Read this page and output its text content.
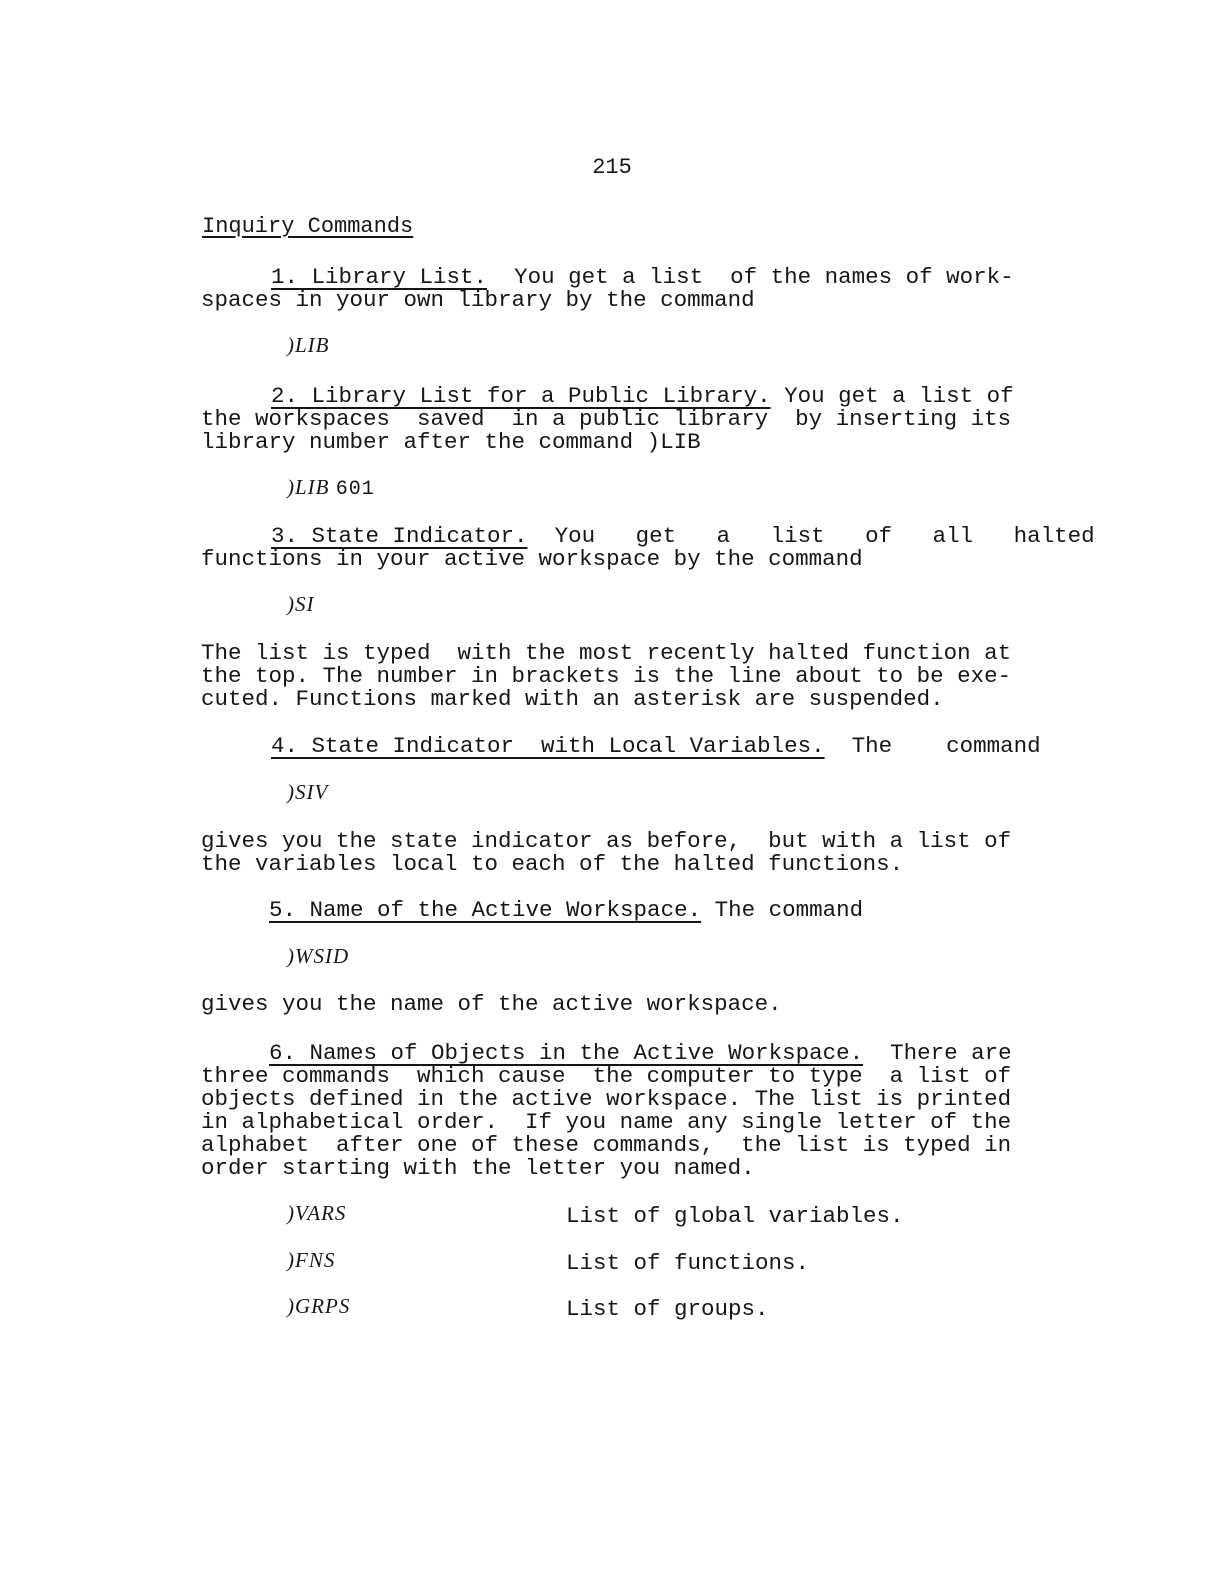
215
Inquiry Commands

1. Library List. You get a list  of the names of work-
spaces in your own library by the command

)LIB

2. Library List for a Public Library. You get a list of
the workspaces  saved  in a public library  by inserting its
library number after the command )LIB

)LIB 601

3. State Indicator. You   get   a   list   of   all   halted
functions in your active workspace by the command

)SI

The list is typed  with the most recently halted function at
the top. The number in brackets is the line about to be exe-
cuted. Functions marked with an asterisk are suspended.

4. State Indicator  with Local Variables. The    command

)SIV

gives you the state indicator as before,  but with a list of
the variables local to each of the halted functions.

5. Name of the Active Workspace. The command

)WSID

gives you the name of the active workspace.

6. Names of Objects in the Active Workspace. There are
three commands  which cause  the computer to type  a list of
objects defined in the active workspace. The list is printed
in alphabetical order.  If you name any single letter of the
alphabet  after one of these commands,  the list is typed in
order starting with the letter you named.

)VARS	List of global variables.
)FNS	List of functions.
)GRPS	List of groups.
